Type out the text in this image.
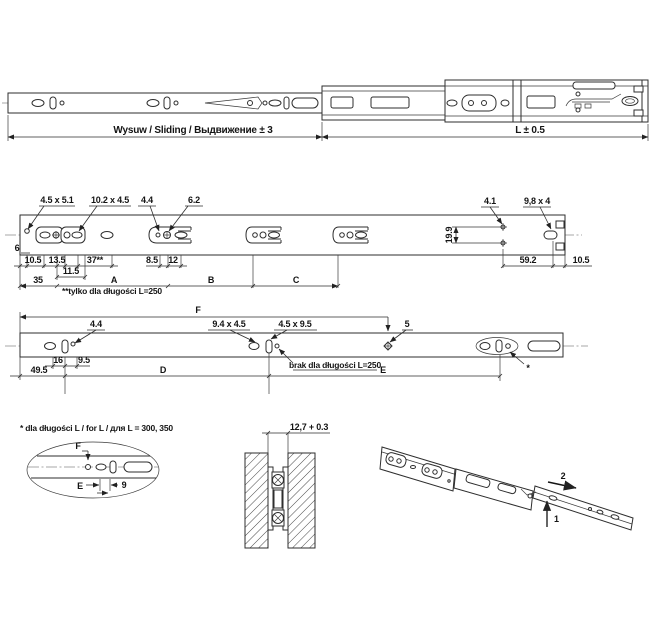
Wysuw / Sliding / Выдвижение ± 3	L ± 0.5
4.5 x 5.1 10.2 x 4.5 4.4	6.2	4.1	9,8 x 4
6
10.5 13.5 37**	8.5 12
11.5
35	A	B	C
**tylko dla długości L=250
19.9
59.2	10.5
F
4.4	9.4 x 4.5	4.5 x 9.5	5
*
16 9.5
49.5	D	E
brak dla długości L=250
* dla długości L / for L / для L = 300, 350
F
E	9
12,7 + 0.3
2
1
